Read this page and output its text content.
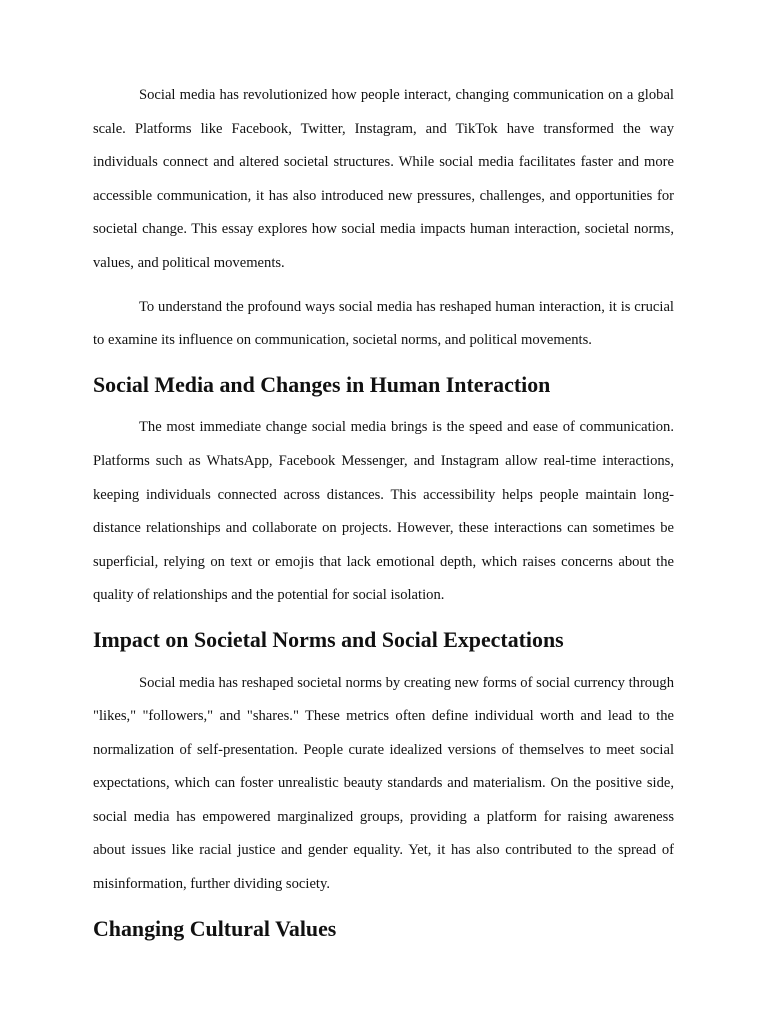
Social media has revolutionized how people interact, changing communication on a global scale. Platforms like Facebook, Twitter, Instagram, and TikTok have transformed the way individuals connect and altered societal structures. While social media facilitates faster and more accessible communication, it has also introduced new pressures, challenges, and opportunities for societal change. This essay explores how social media impacts human interaction, societal norms, values, and political movements.

To understand the profound ways social media has reshaped human interaction, it is crucial to examine its influence on communication, societal norms, and political movements.

Social Media and Changes in Human Interaction

The most immediate change social media brings is the speed and ease of communication. Platforms such as WhatsApp, Facebook Messenger, and Instagram allow real-time interactions, keeping individuals connected across distances. This accessibility helps people maintain long-distance relationships and collaborate on projects. However, these interactions can sometimes be superficial, relying on text or emojis that lack emotional depth, which raises concerns about the quality of relationships and the potential for social isolation.

Impact on Societal Norms and Social Expectations

Social media has reshaped societal norms by creating new forms of social currency through "likes," "followers," and "shares." These metrics often define individual worth and lead to the normalization of self-presentation. People curate idealized versions of themselves to meet social expectations, which can foster unrealistic beauty standards and materialism. On the positive side, social media has empowered marginalized groups, providing a platform for raising awareness about issues like racial justice and gender equality. Yet, it has also contributed to the spread of misinformation, further dividing society.

Changing Cultural Values
